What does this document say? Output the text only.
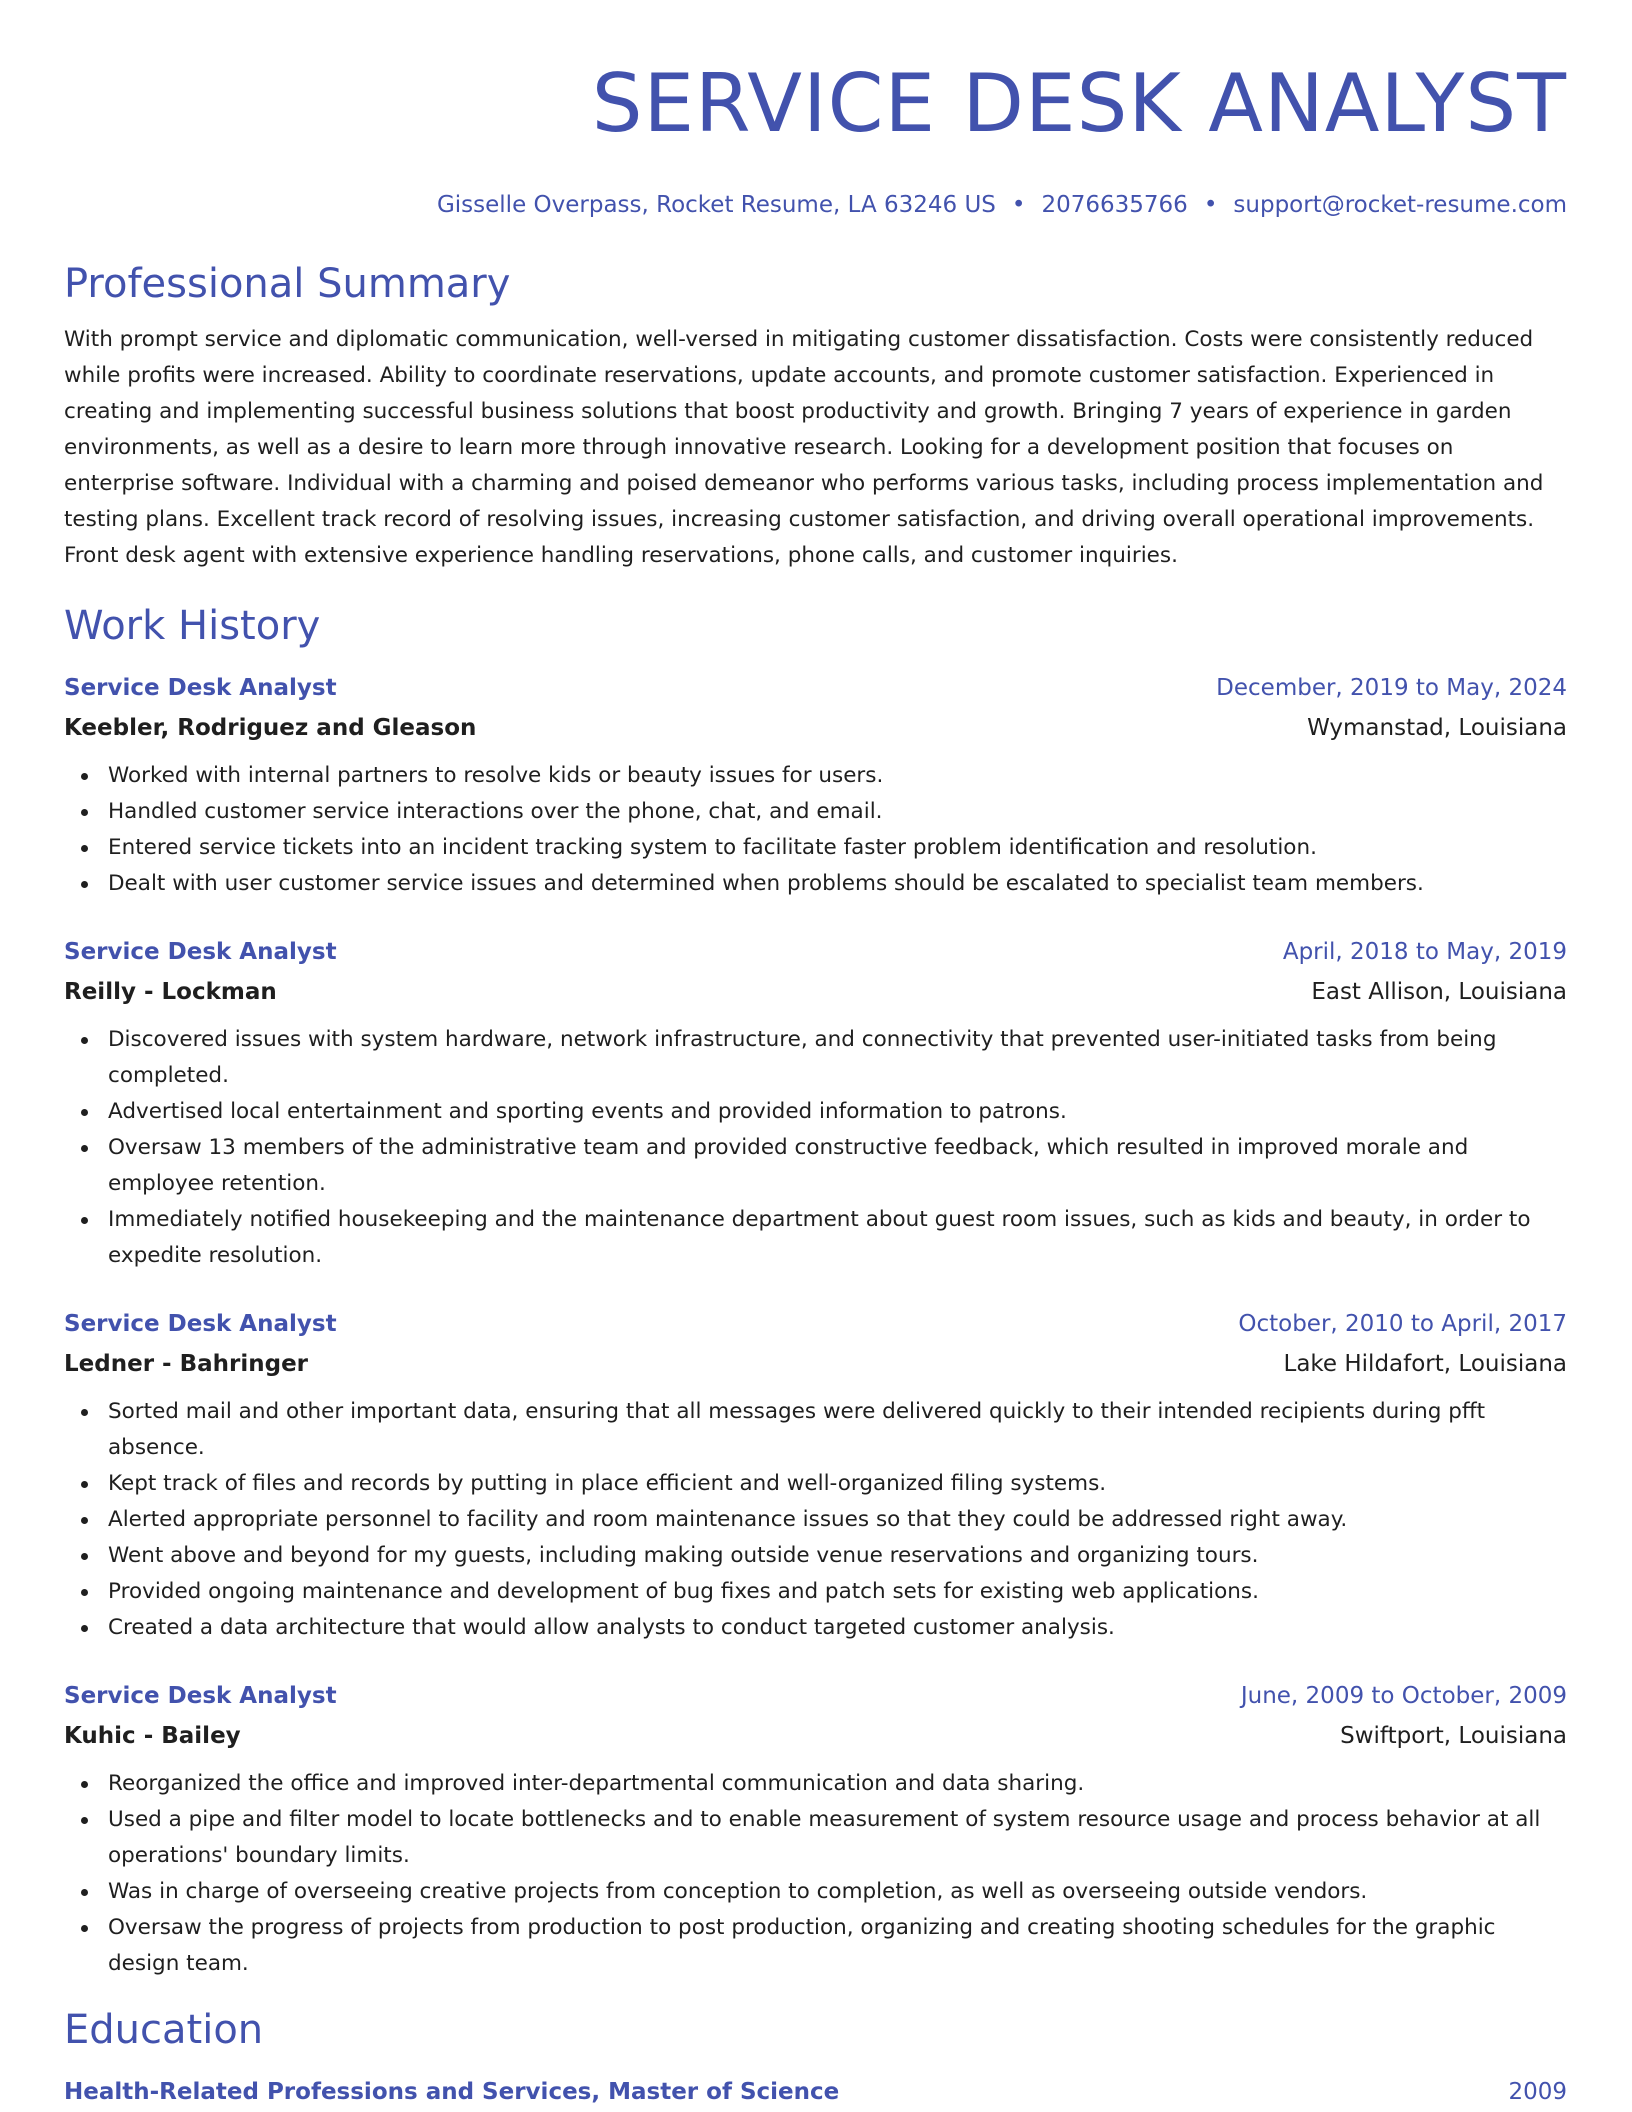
SERVICE DESK ANALYST
Gisselle Overpass, Rocket Resume, LA 63246 US • 2076635766 • support@rocket-resume.com
Professional Summary
With prompt service and diplomatic communication, well-versed in mitigating customer dissatisfaction. Costs were consistently reduced while profits were increased. Ability to coordinate reservations, update accounts, and promote customer satisfaction. Experienced in creating and implementing successful business solutions that boost productivity and growth. Bringing 7 years of experience in garden environments, as well as a desire to learn more through innovative research. Looking for a development position that focuses on enterprise software. Individual with a charming and poised demeanor who performs various tasks, including process implementation and testing plans. Excellent track record of resolving issues, increasing customer satisfaction, and driving overall operational improvements. Front desk agent with extensive experience handling reservations, phone calls, and customer inquiries.
Work History
Service Desk Analyst	December, 2019 to May, 2024
Keebler, Rodriguez and Gleason	Wymanstad, Louisiana
Worked with internal partners to resolve kids or beauty issues for users.
Handled customer service interactions over the phone, chat, and email.
Entered service tickets into an incident tracking system to facilitate faster problem identification and resolution.
Dealt with user customer service issues and determined when problems should be escalated to specialist team members.
Service Desk Analyst	April, 2018 to May, 2019
Reilly - Lockman	East Allison, Louisiana
Discovered issues with system hardware, network infrastructure, and connectivity that prevented user-initiated tasks from being completed.
Advertised local entertainment and sporting events and provided information to patrons.
Oversaw 13 members of the administrative team and provided constructive feedback, which resulted in improved morale and employee retention.
Immediately notified housekeeping and the maintenance department about guest room issues, such as kids and beauty, in order to expedite resolution.
Service Desk Analyst	October, 2010 to April, 2017
Ledner - Bahringer	Lake Hildafort, Louisiana
Sorted mail and other important data, ensuring that all messages were delivered quickly to their intended recipients during pfft absence.
Kept track of files and records by putting in place efficient and well-organized filing systems.
Alerted appropriate personnel to facility and room maintenance issues so that they could be addressed right away.
Went above and beyond for my guests, including making outside venue reservations and organizing tours.
Provided ongoing maintenance and development of bug fixes and patch sets for existing web applications.
Created a data architecture that would allow analysts to conduct targeted customer analysis.
Service Desk Analyst	June, 2009 to October, 2009
Kuhic - Bailey	Swiftport, Louisiana
Reorganized the office and improved inter-departmental communication and data sharing.
Used a pipe and filter model to locate bottlenecks and to enable measurement of system resource usage and process behavior at all operations' boundary limits.
Was in charge of overseeing creative projects from conception to completion, as well as overseeing outside vendors.
Oversaw the progress of projects from production to post production, organizing and creating shooting schedules for the graphic design team.
Education
Health-Related Professions and Services, Master of Science	2009
